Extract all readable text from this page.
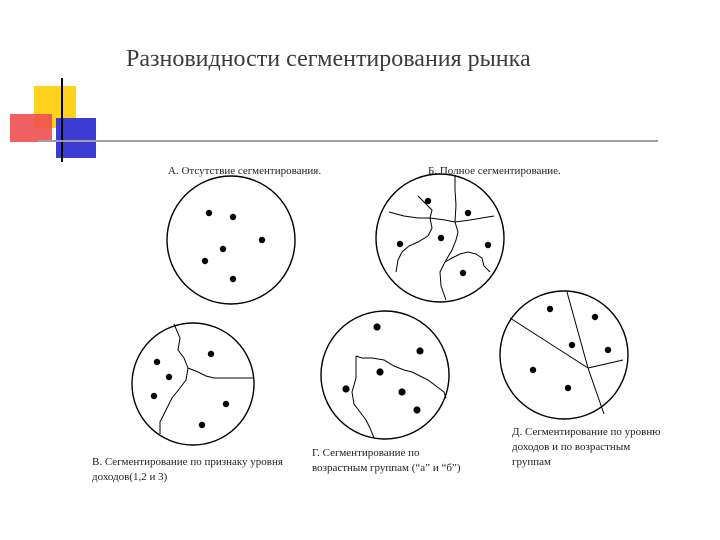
Разновидности сегментирования рынка
А. Отсутствие сегментирования.	Б. Полное сегментирование.
В. Сегментирование по признаку уровня доходов(1,2 и 3)
Г. Сегментирование по возрастным группам (“а” и “б”)
Д. Сегментирование по уровню доходов и по возрастным группам
